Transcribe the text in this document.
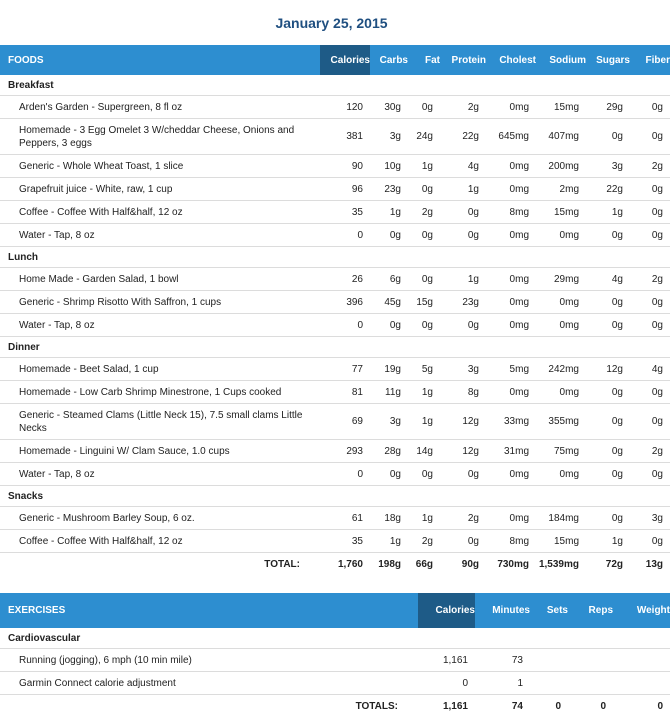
January 25, 2015
FOODS	Calories	Carbs	Fat	Protein	Cholest	Sodium	Sugars	Fiber
Breakfast								
Arden's Garden - Supergreen, 8 fl oz	120	30g	0g	2g	0mg	15mg	29g	0g
Homemade - 3 Egg Omelet 3 W/cheddar Cheese, Onions and Peppers, 3 eggs	381	3g	24g	22g	645mg	407mg	0g	0g
Generic - Whole Wheat Toast, 1 slice	90	10g	1g	4g	0mg	200mg	3g	2g
Grapefruit juice - White, raw, 1 cup	96	23g	0g	1g	0mg	2mg	22g	0g
Coffee - Coffee With Half&half, 12 oz	35	1g	2g	0g	8mg	15mg	1g	0g
Water - Tap, 8 oz	0	0g	0g	0g	0mg	0mg	0g	0g
Lunch								
Home Made - Garden Salad, 1 bowl	26	6g	0g	1g	0mg	29mg	4g	2g
Generic - Shrimp Risotto With Saffron, 1 cups	396	45g	15g	23g	0mg	0mg	0g	0g
Water - Tap, 8 oz	0	0g	0g	0g	0mg	0mg	0g	0g
Dinner								
Homemade - Beet Salad, 1 cup	77	19g	5g	3g	5mg	242mg	12g	4g
Homemade - Low Carb Shrimp Minestrone, 1 Cups cooked	81	11g	1g	8g	0mg	0mg	0g	0g
Generic - Steamed Clams (Little Neck 15), 7.5 small clams Little Necks	69	3g	1g	12g	33mg	355mg	0g	0g
Homemade - Linguini W/ Clam Sauce, 1.0 cups	293	28g	14g	12g	31mg	75mg	0g	2g
Water - Tap, 8 oz	0	0g	0g	0g	0mg	0mg	0g	0g
Snacks								
Generic - Mushroom Barley Soup, 6 oz.	61	18g	1g	2g	0mg	184mg	0g	3g
Coffee - Coffee With Half&half, 12 oz	35	1g	2g	0g	8mg	15mg	1g	0g
TOTAL:	1,760	198g	66g	90g	730mg	1,539mg	72g	13g
EXERCISES	Calories	Minutes	Sets	Reps	Weight
Cardiovascular					
Running (jogging), 6 mph (10 min mile)	1,161	73			
Garmin Connect calorie adjustment	0	1			
TOTALS:	1,161	74	0	0	0
